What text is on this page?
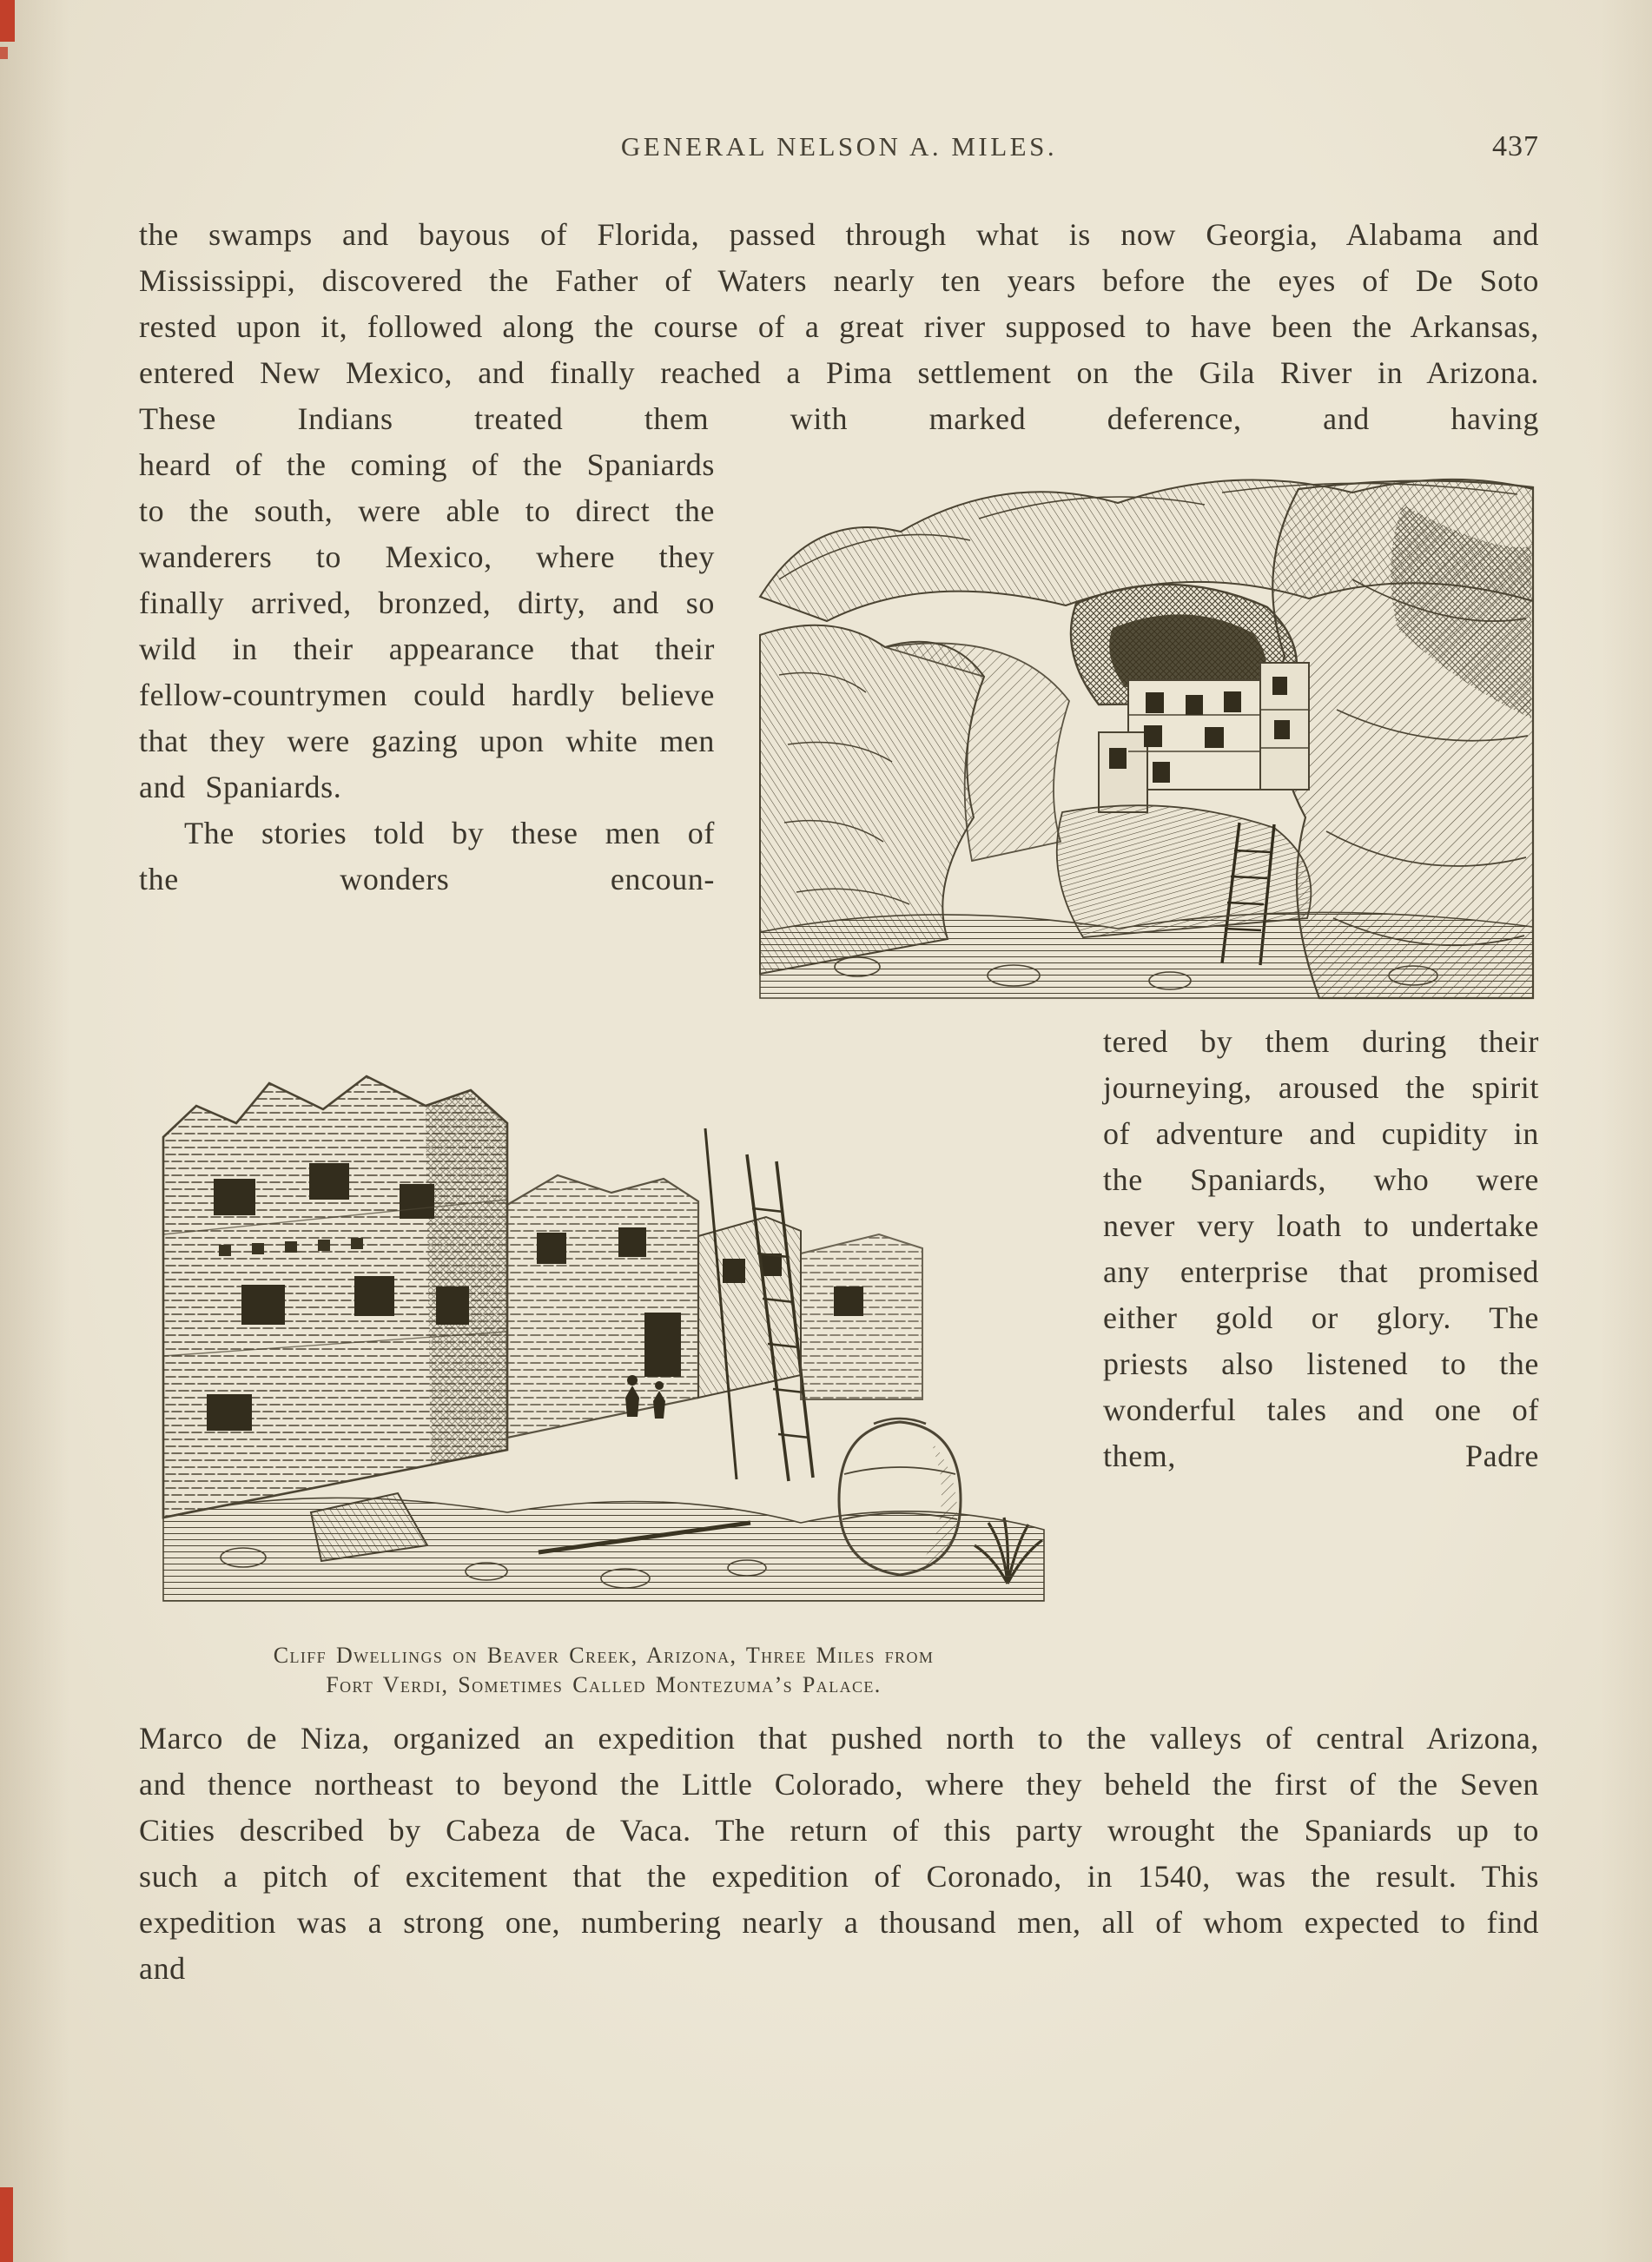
GENERAL NELSON A. MILES.	437

the swamps and bayous of Florida, passed through what is now Georgia, Alabama and Mississippi, discovered the Father of Waters nearly ten years before the eyes of De Soto rested upon it, followed along the course of a great river supposed to have been the Arkansas, entered New Mexico, and finally reached a Pima settlement on the Gila River in Arizona. These Indians treated them with marked deference, and having

heard of the coming of the Spaniards to the south, were able to direct the wanderers to Mexico, where they finally arrived, bronzed, dirty, and so wild in their appearance that their fellow-countrymen could hardly believe that they were gazing upon white men and Spaniards.

The stories told by these men of the wonders encoun-

Cliff Dwellings on Beaver Creek, Arizona, Three Miles from
Fort Verdi, Sometimes Called Montezuma’s Palace.

tered by them during their journeying, aroused the spirit of adventure and cupidity in the Spaniards, who were never very loath to undertake any enterprise that promised either gold or glory. The priests also listened to the wonderful tales and one of them, Padre

Marco de Niza, organized an expedition that pushed north to the valleys of central Arizona, and thence northeast to beyond the Little Colorado, where they beheld the first of the Seven Cities described by Cabeza de Vaca. The return of this party wrought the Spaniards up to such a pitch of excitement that the expedition of Coronado, in 1540, was the result. This expedition was a strong one, numbering nearly a thousand men, all of whom expected to find and
